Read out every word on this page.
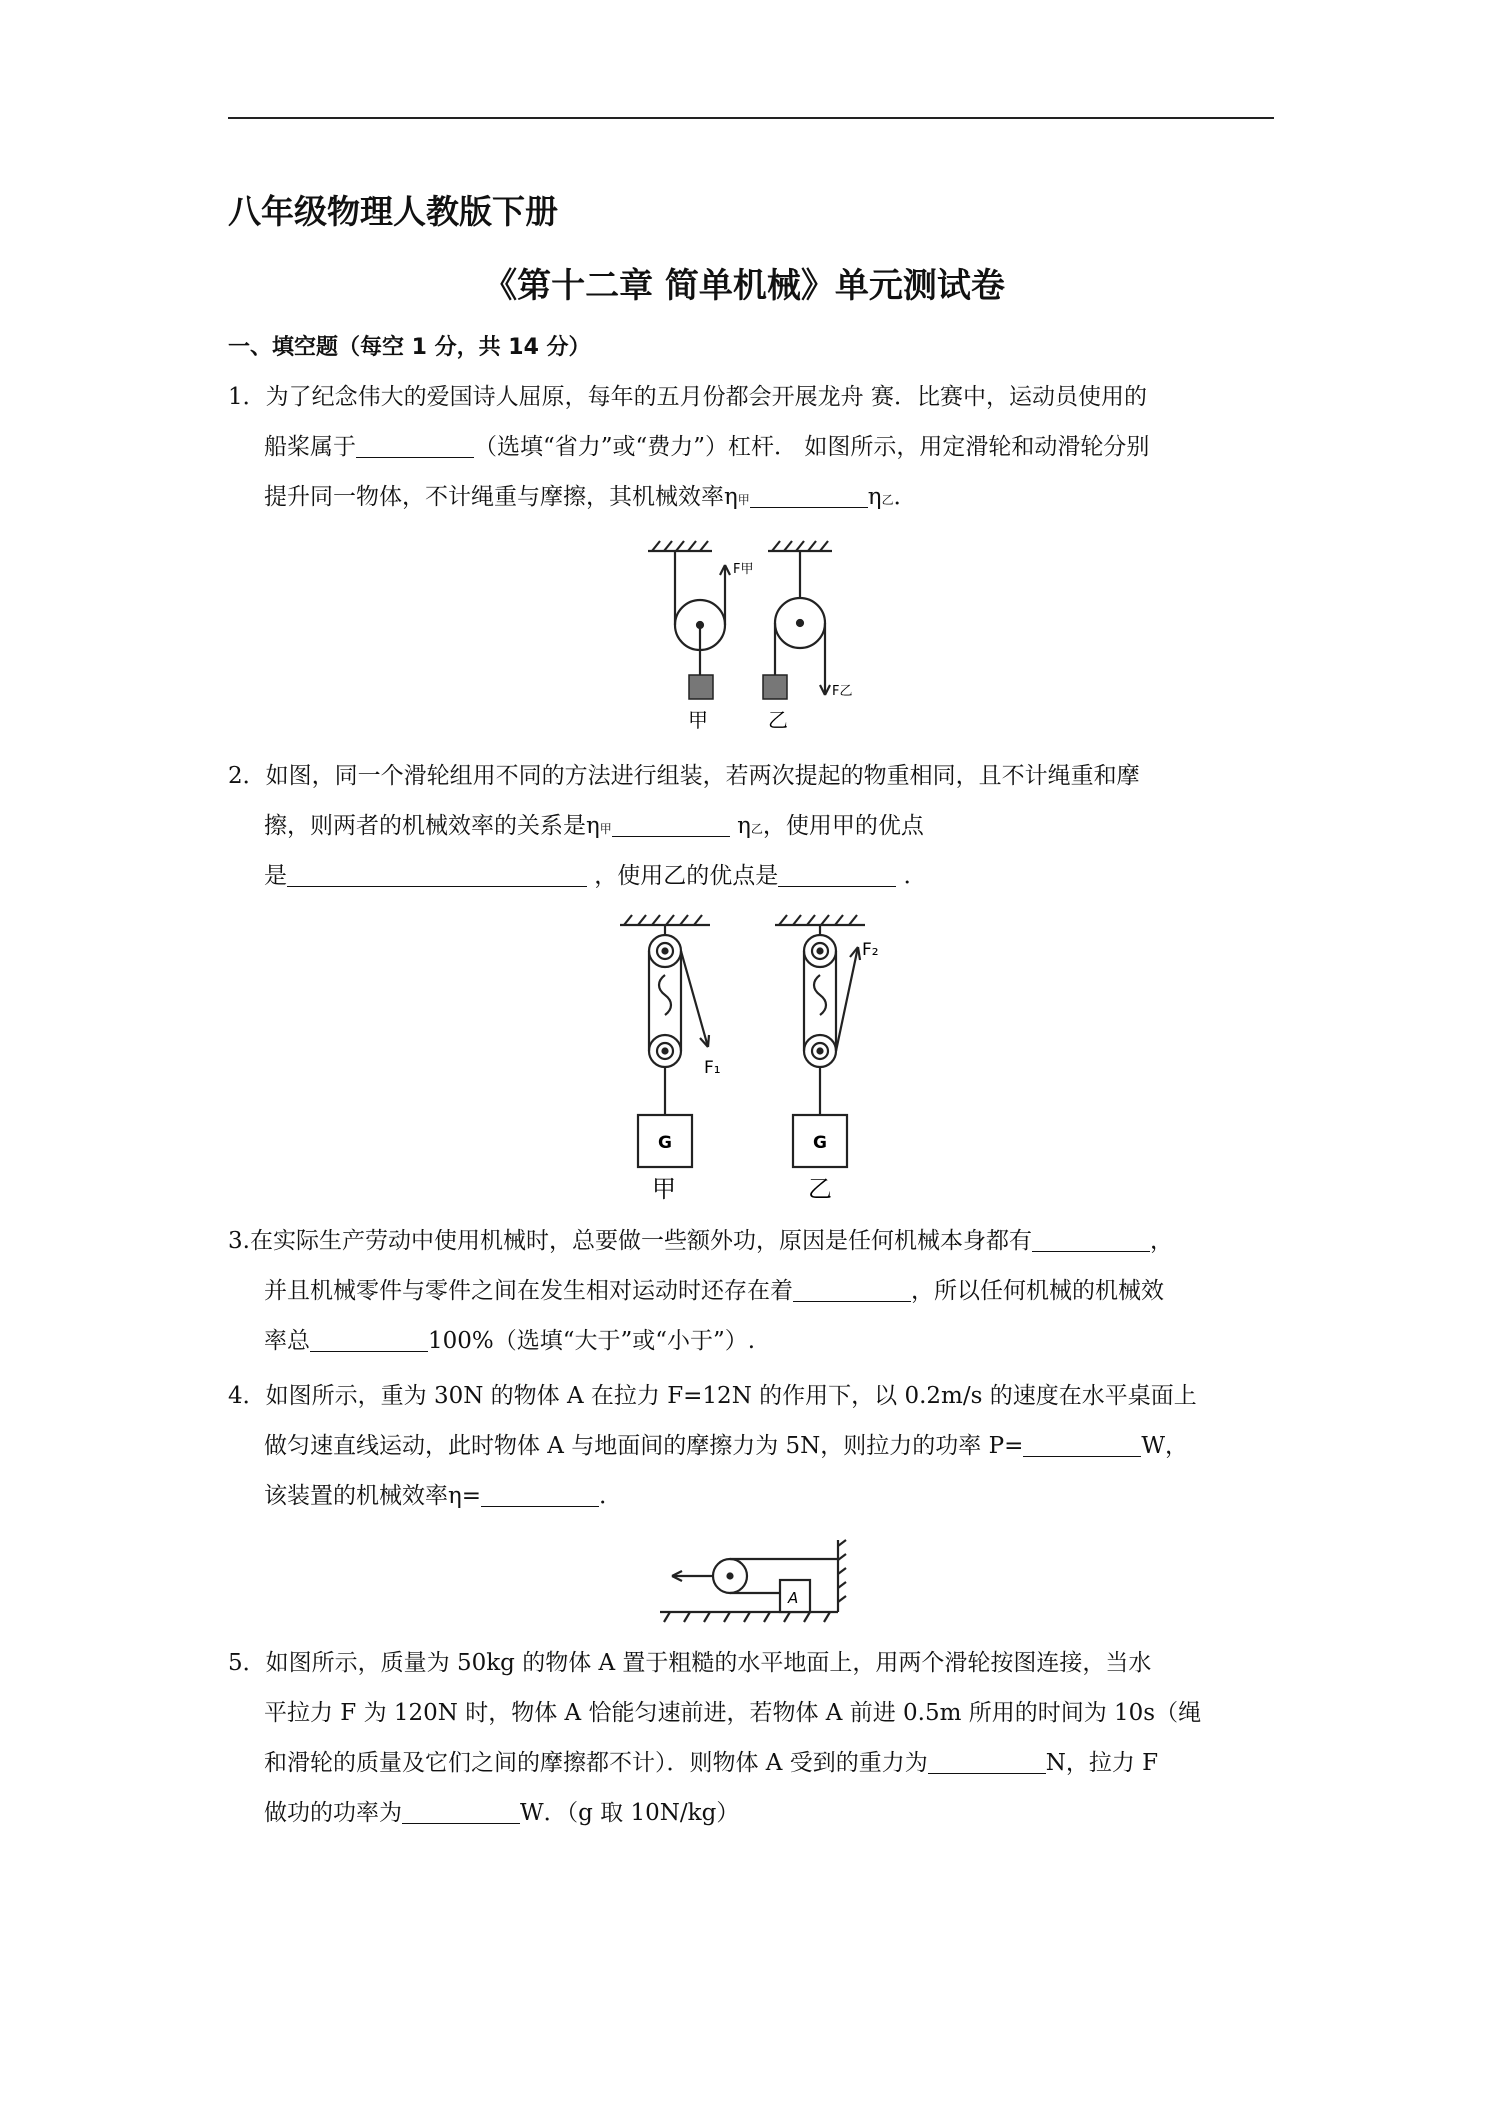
八年级物理人教版下册
《第十二章 简单机械》单元测试卷
一、填空题（每空 1 分，共 14 分）
1．为了纪念伟大的爱国诗人屈原，每年的五月份都会开展龙舟 赛．比赛中，运动员使用的
船桨属于	（选填“省力”或“费力”）杠杆． 如图所示，用定滑轮和动滑轮分别
提升同一物体，不计绳重与摩擦，其机械效率η甲	η乙．
F甲
F乙
甲	乙
2．如图，同一个滑轮组用不同的方法进行组装，若两次提起的物重相同，且不计绳重和摩
擦，则两者的机械效率的关系是η甲	η乙，使用甲的优点
是	，使用乙的优点是	．
G	G
F₁
F₂
甲	乙
3.在实际生产劳动中使用机械时，总要做一些额外功，原因是任何机械本身都有	，
并且机械零件与零件之间在发生相对运动时还存在着	，所以任何机械的机械效
率总	100%（选填“大于”或“小于”）.
4．如图所示，重为 30N 的物体 A 在拉力 F=12N 的作用下，以 0.2m/s 的速度在水平桌面上
做匀速直线运动，此时物体 A 与地面间的摩擦力为 5N，则拉力的功率 P=	W，
该装置的机械效率η=	．
A
5．如图所示，质量为 50kg 的物体 A 置于粗糙的水平地面上，用两个滑轮按图连接，当水
平拉力 F 为 120N 时，物体 A 恰能匀速前进，若物体 A 前进 0.5m 所用的时间为 10s（绳
和滑轮的质量及它们之间的摩擦都不计）．则物体 A 受到的重力为	N，拉力 F
做功的功率为	W．（g 取 10N/kg）
